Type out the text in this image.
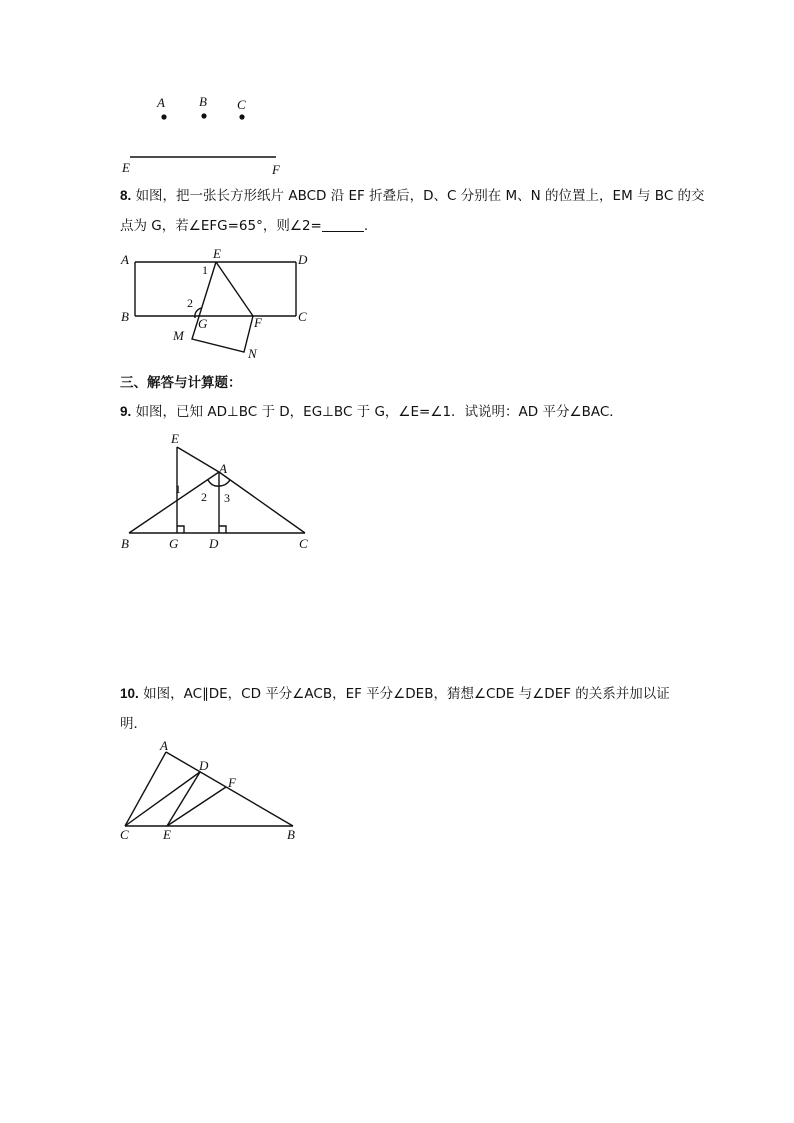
A	B C
E	F
8. 如图，把一张长方形纸片 ABCD 沿 EF 折叠后，D、C 分别在 M、N 的位置上，EM 与 BC 的交
点为 G，若∠EFG=65°，则∠2=	.
A	D
E
B	C
G	F
M
N
1
2
三、解答与计算题：
9. 如图，已知 AD⊥BC 于 D，EG⊥BC 于 G，∠E=∠1．试说明：AD 平分∠BAC．
E
A
1
2 3
B	G D	C
10. 如图，AC∥DE，CD 平分∠ACB，EF 平分∠DEB，猜想∠CDE 与∠DEF 的关系并加以证
明．
A
D
F
C	E	B
